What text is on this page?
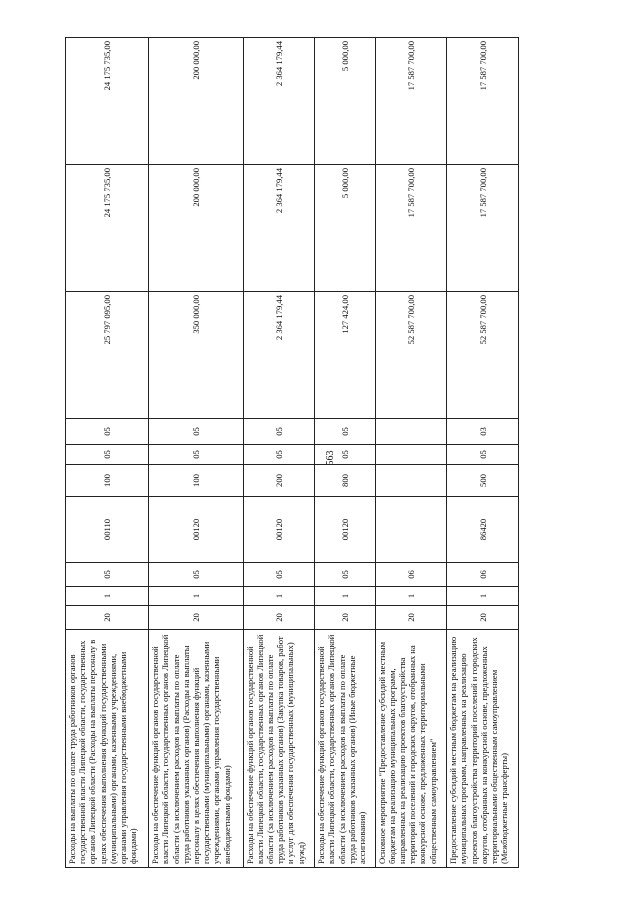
563
Расходы на выплаты по оплате труда работников органов государственной власти Липецкой области, государственных органов Липецкой области (Расходы на выплаты персоналу в целях обеспечения выполнения функций государственными (муниципальными) органами, казенными учреждениями, органами управления государственными внебюджетными фондами)	20	1	05	00110	100	05	05	25 797 095,00	24 175 735,00	24 175 735,00
Расходы на обеспечение функций органов государственной власти Липецкой области, государственных органов Липецкой области (за исключением расходов на выплаты по оплате труда работников указанных органов) (Расходы на выплаты персоналу в целях обеспечения выполнения функций государственными (муниципальными) органами, казенными учреждениями, органами управления государственными внебюджетными фондами)	20	1	05	00120	100	05	05	350 000,00	200 000,00	200 000,00
Расходы на обеспечение функций органов государственной власти Липецкой области, государственных органов Липецкой области (за исключением расходов на выплаты по оплате труда работников указанных органов) (Закупка товаров, работ и услуг для обеспечения государственных (муниципальных) нужд)	20	1	05	00120	200	05	05	2 364 179,44	2 364 179,44	2 364 179,44
Расходы на обеспечение функций органов государственной власти Липецкой области, государственных органов Липецкой области (за исключением расходов на выплаты по оплате труда работников указанных органов) (Иные бюджетные ассигнования)	20	1	05	00120	800	05	05	127 424,00	5 000,00	5 000,00
Основное мероприятие "Предоставление субсидий местным бюджетам на реализацию муниципальных программ, направленных на реализацию проектов благоустройства территорий поселений и городских округов, отобранных на конкурсной основе, предложенных территориальными общественным самоуправлением"	20	1	06					52 587 700,00	17 587 700,00	17 587 700,00
Предоставление субсидий местным бюджетам на реализацию муниципальных программ, направленных на реализацию проектов благоустройства территорий поселений и городских округов, отобранных на конкурсной основе, предложенных территориальными общественным самоуправлением (Межбюджетные трансферты)	20	1	06	86420	500	05	03	52 587 700,00	17 587 700,00	17 587 700,00
